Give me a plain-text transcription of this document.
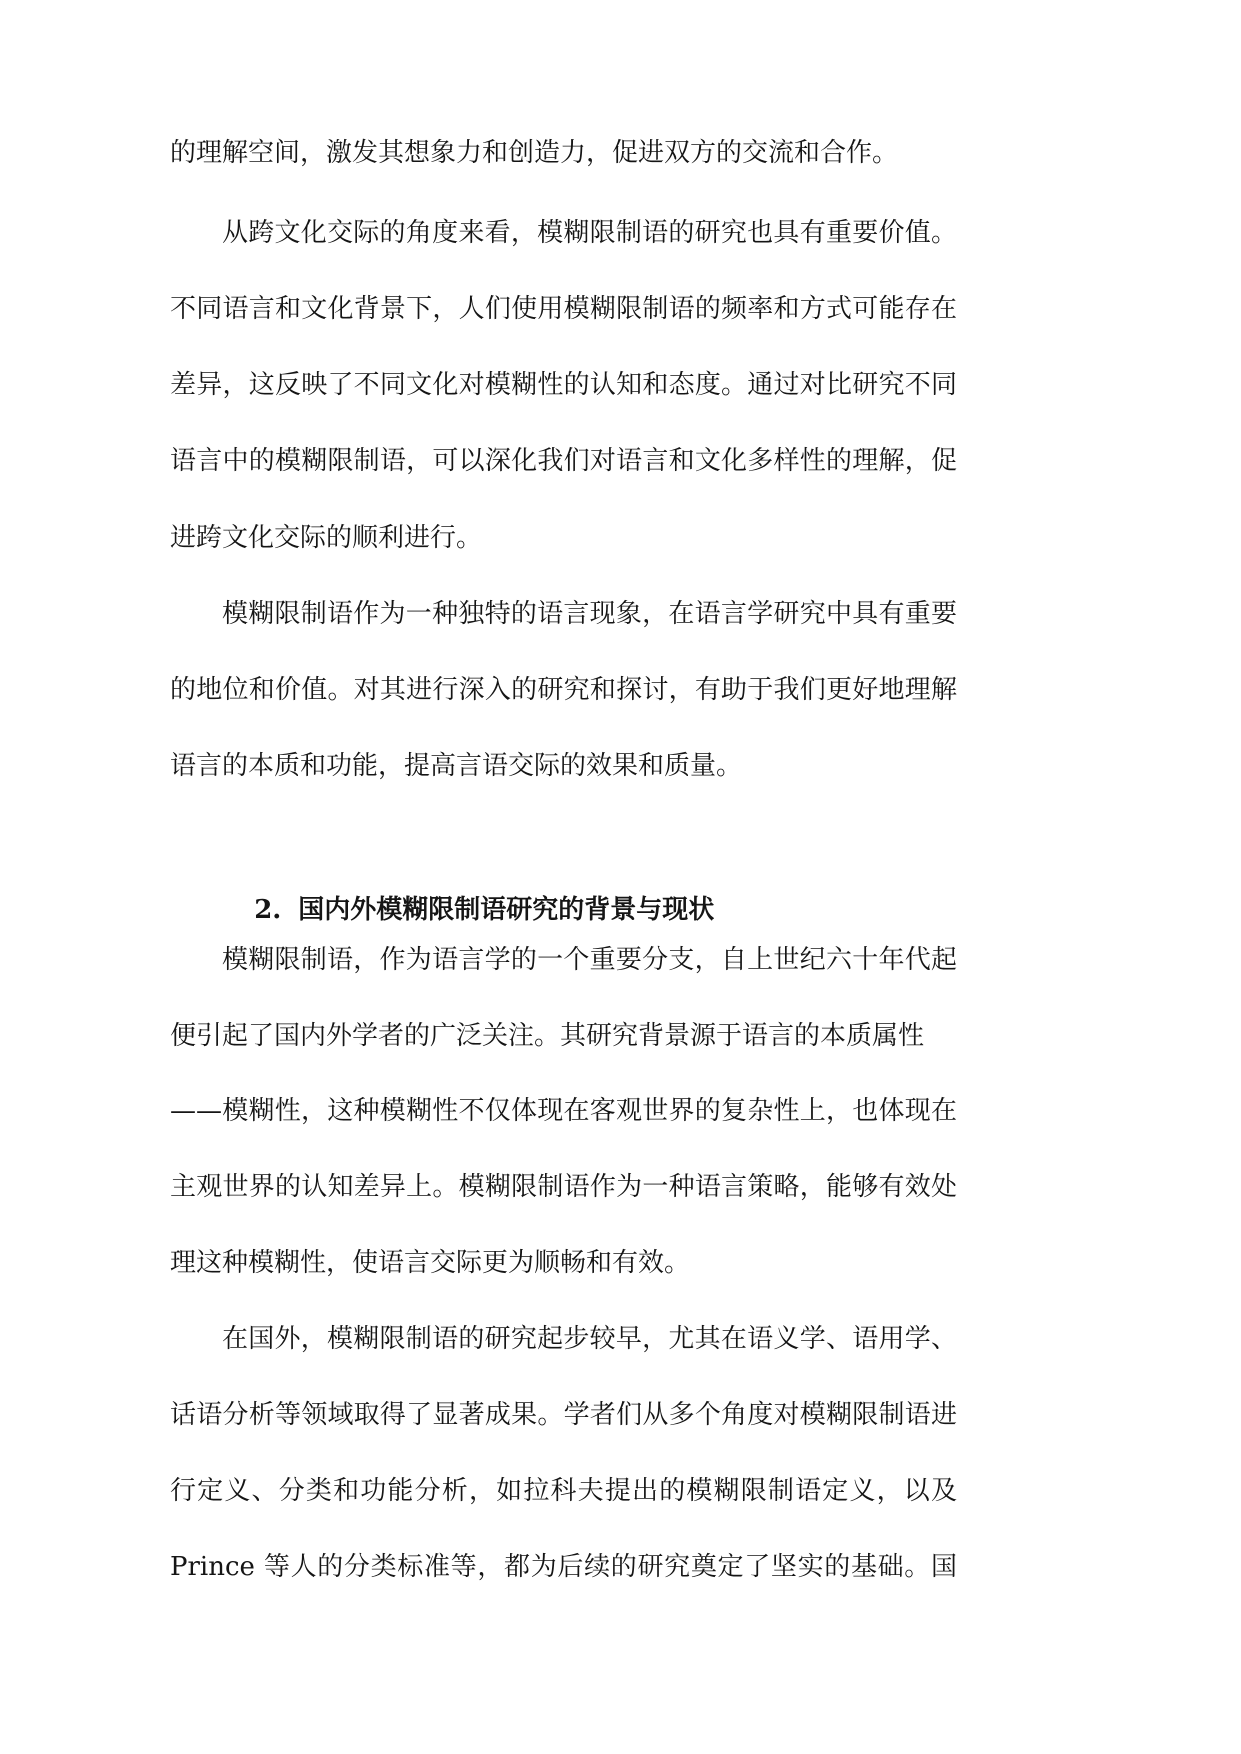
的理解空间，激发其想象力和创造力，促进双方的交流和合作。
从跨文化交际的角度来看，模糊限制语的研究也具有重要价值。
不同语言和文化背景下，人们使用模糊限制语的频率和方式可能存在
差异，这反映了不同文化对模糊性的认知和态度。通过对比研究不同
语言中的模糊限制语，可以深化我们对语言和文化多样性的理解，促
进跨文化交际的顺利进行。
模糊限制语作为一种独特的语言现象，在语言学研究中具有重要
的地位和价值。对其进行深入的研究和探讨，有助于我们更好地理解
语言的本质和功能，提高言语交际的效果和质量。

2. 国内外模糊限制语研究的背景与现状

模糊限制语，作为语言学的一个重要分支，自上世纪六十年代起
便引起了国内外学者的广泛关注。其研究背景源于语言的本质属性
——模糊性，这种模糊性不仅体现在客观世界的复杂性上，也体现在
主观世界的认知差异上。模糊限制语作为一种语言策略，能够有效处
理这种模糊性，使语言交际更为顺畅和有效。
在国外，模糊限制语的研究起步较早，尤其在语义学、语用学、
话语分析等领域取得了显著成果。学者们从多个角度对模糊限制语进
行定义、分类和功能分析，如拉科夫提出的模糊限制语定义，以及
Prince 等人的分类标准等，都为后续的研究奠定了坚实的基础。国
